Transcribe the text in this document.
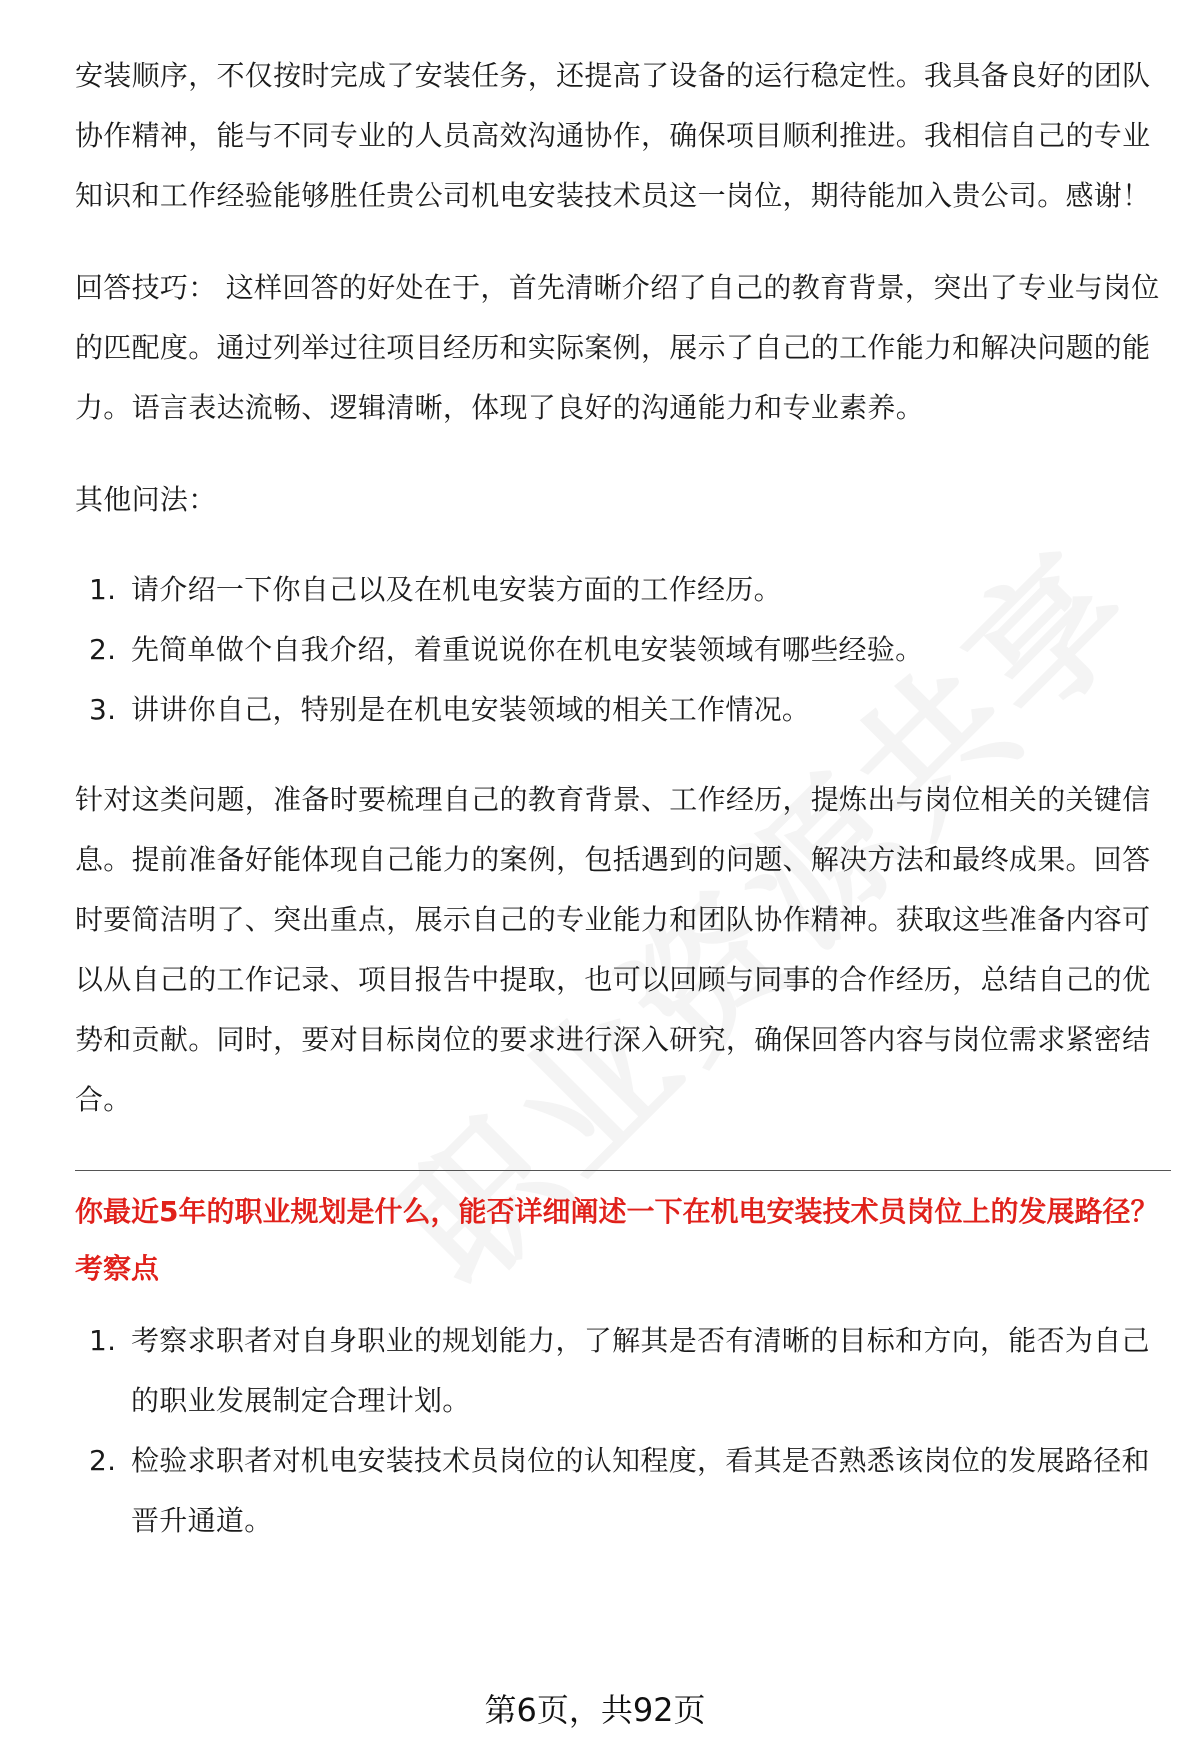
安装顺序，不仅按时完成了安装任务，还提高了设备的运行稳定性。我具备良好的团队协作精神，能与不同专业的人员高效沟通协作，确保项目顺利推进。我相信自己的专业知识和工作经验能够胜任贵公司机电安装技术员这一岗位，期待能加入贵公司。感谢！

回答技巧： 这样回答的好处在于，首先清晰介绍了自己的教育背景，突出了专业与岗位的匹配度。通过列举过往项目经历和实际案例，展示了自己的工作能力和解决问题的能力。语言表达流畅、逻辑清晰，体现了良好的沟通能力和专业素养。

其他问法：

1. 请介绍一下你自己以及在机电安装方面的工作经历。
2. 先简单做个自我介绍，着重说说你在机电安装领域有哪些经验。
3. 讲讲你自己，特别是在机电安装领域的相关工作情况。

针对这类问题，准备时要梳理自己的教育背景、工作经历，提炼出与岗位相关的关键信息。提前准备好能体现自己能力的案例，包括遇到的问题、解决方法和最终成果。回答时要简洁明了、突出重点，展示自己的专业能力和团队协作精神。获取这些准备内容可以从自己的工作记录、项目报告中提取，也可以回顾与同事的合作经历，总结自己的优势和贡献。同时，要对目标岗位的要求进行深入研究，确保回答内容与岗位需求紧密结合。

你最近5年的职业规划是什么，能否详细阐述一下在机电安装技术员岗位上的发展路径？

考察点

1. 考察求职者对自身职业的规划能力，了解其是否有清晰的目标和方向，能否为自己的职业发展制定合理计划。
2. 检验求职者对机电安装技术员岗位的认知程度，看其是否熟悉该岗位的发展路径和晋升通道。
第6页，共92页
